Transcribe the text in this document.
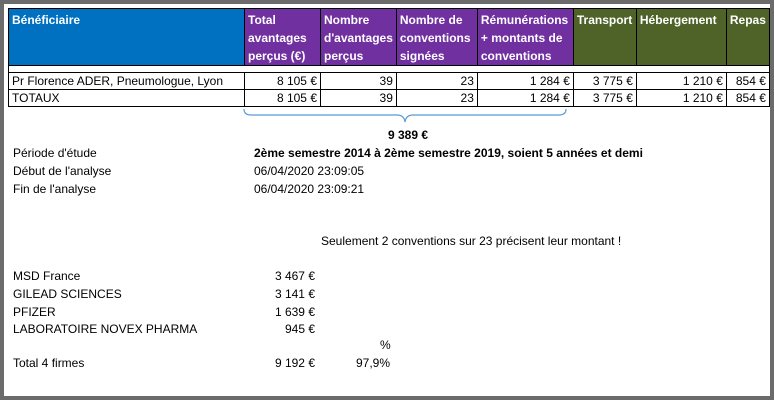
Bénéficiaire	Total avantages perçus (€)	Nombre d'avantages perçus	Nombre de conventions signées	Rémunérations + montants de conventions	Transport	Hébergement	Repas

Pr Florence ADER, Pneumologue, Lyon	8 105 €	39	23	1 284 €	3 775 €	1 210 €	854 €
TOTAUX	8 105 €	39	23	1 284 €	3 775 €	1 210 €	854 €
9 389 €
Période d'étude	2ème semestre 2014 à 2ème semestre 2019, soient 5 années et demi
Début de l'analyse	06/04/2020 23:09:05
Fin de l'analyse	06/04/2020 23:09:21
Seulement 2 conventions sur 23 précisent leur montant !
MSD France	3 467 €
GILEAD SCIENCES	3 141 €
PFIZER	1 639 €
LABORATOIRE NOVEX PHARMA	945 €
%
Total 4 firmes	9 192 €	97,9%
